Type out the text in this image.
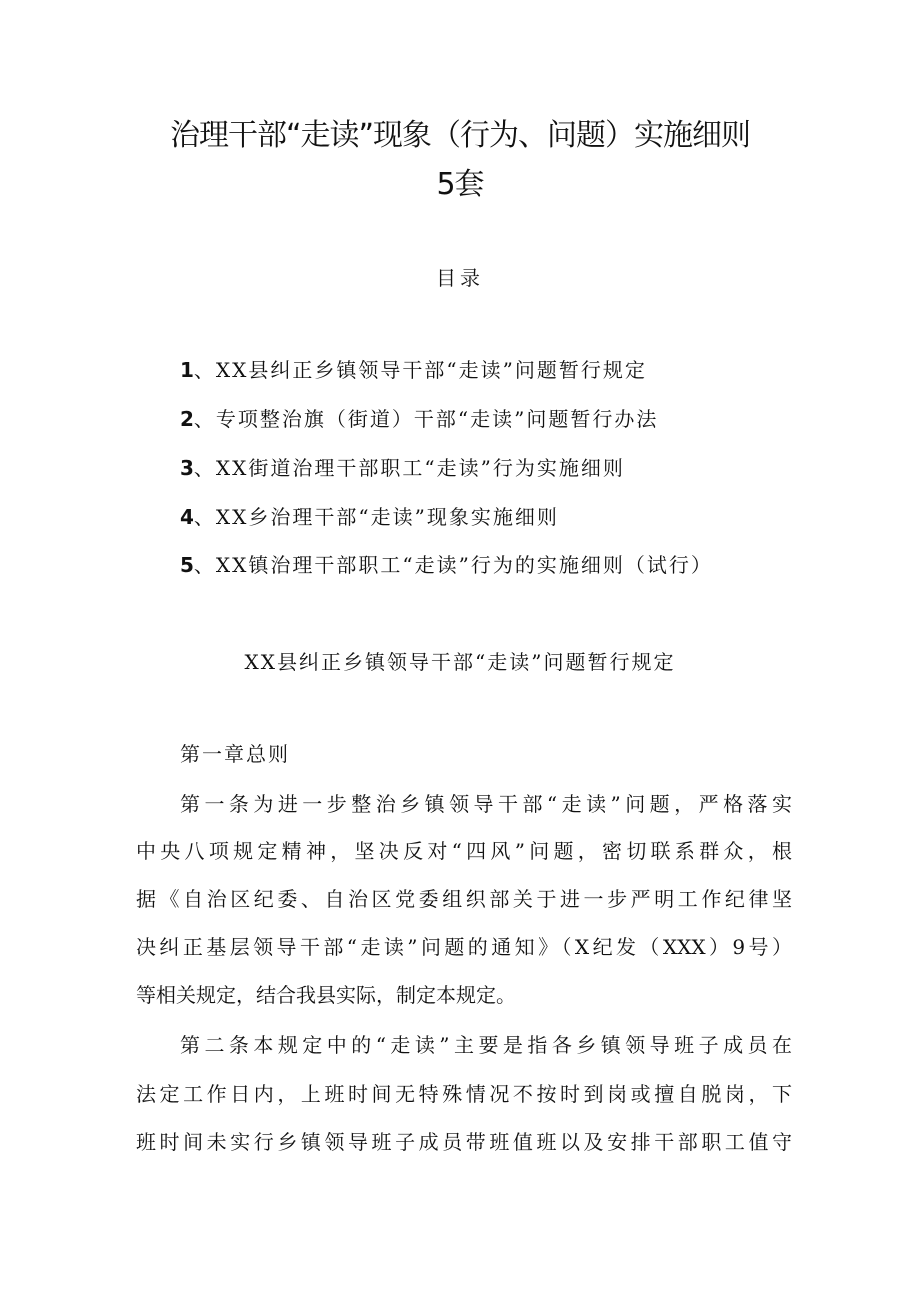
治理干部“走读”现象（行为、问题）实施细则
5套
目录
1、XX县纠正乡镇领导干部“走读”问题暂行规定
2、专项整治旗（街道）干部“走读”问题暂行办法
3、XX街道治理干部职工“走读”行为实施细则
4、XX乡治理干部“走读”现象实施细则
5、XX镇治理干部职工“走读”行为的实施细则（试行）
XX县纠正乡镇领导干部“走读”问题暂行规定
第一章总则
第一条为进一步整治乡镇领导干部“走读”问题，严格落实
中央八项规定精神，坚决反对“四风”问题，密切联系群众，根
据《自治区纪委、自治区党委组织部关于进一步严明工作纪律坚
决纠正基层领导干部“走读”问题的通知》（X纪发（XXX）9号）
等相关规定，结合我县实际，制定本规定。
第二条本规定中的“走读”主要是指各乡镇领导班子成员在
法定工作日内，上班时间无特殊情况不按时到岗或擅自脱岗，下
班时间未实行乡镇领导班子成员带班值班以及安排干部职工值守
